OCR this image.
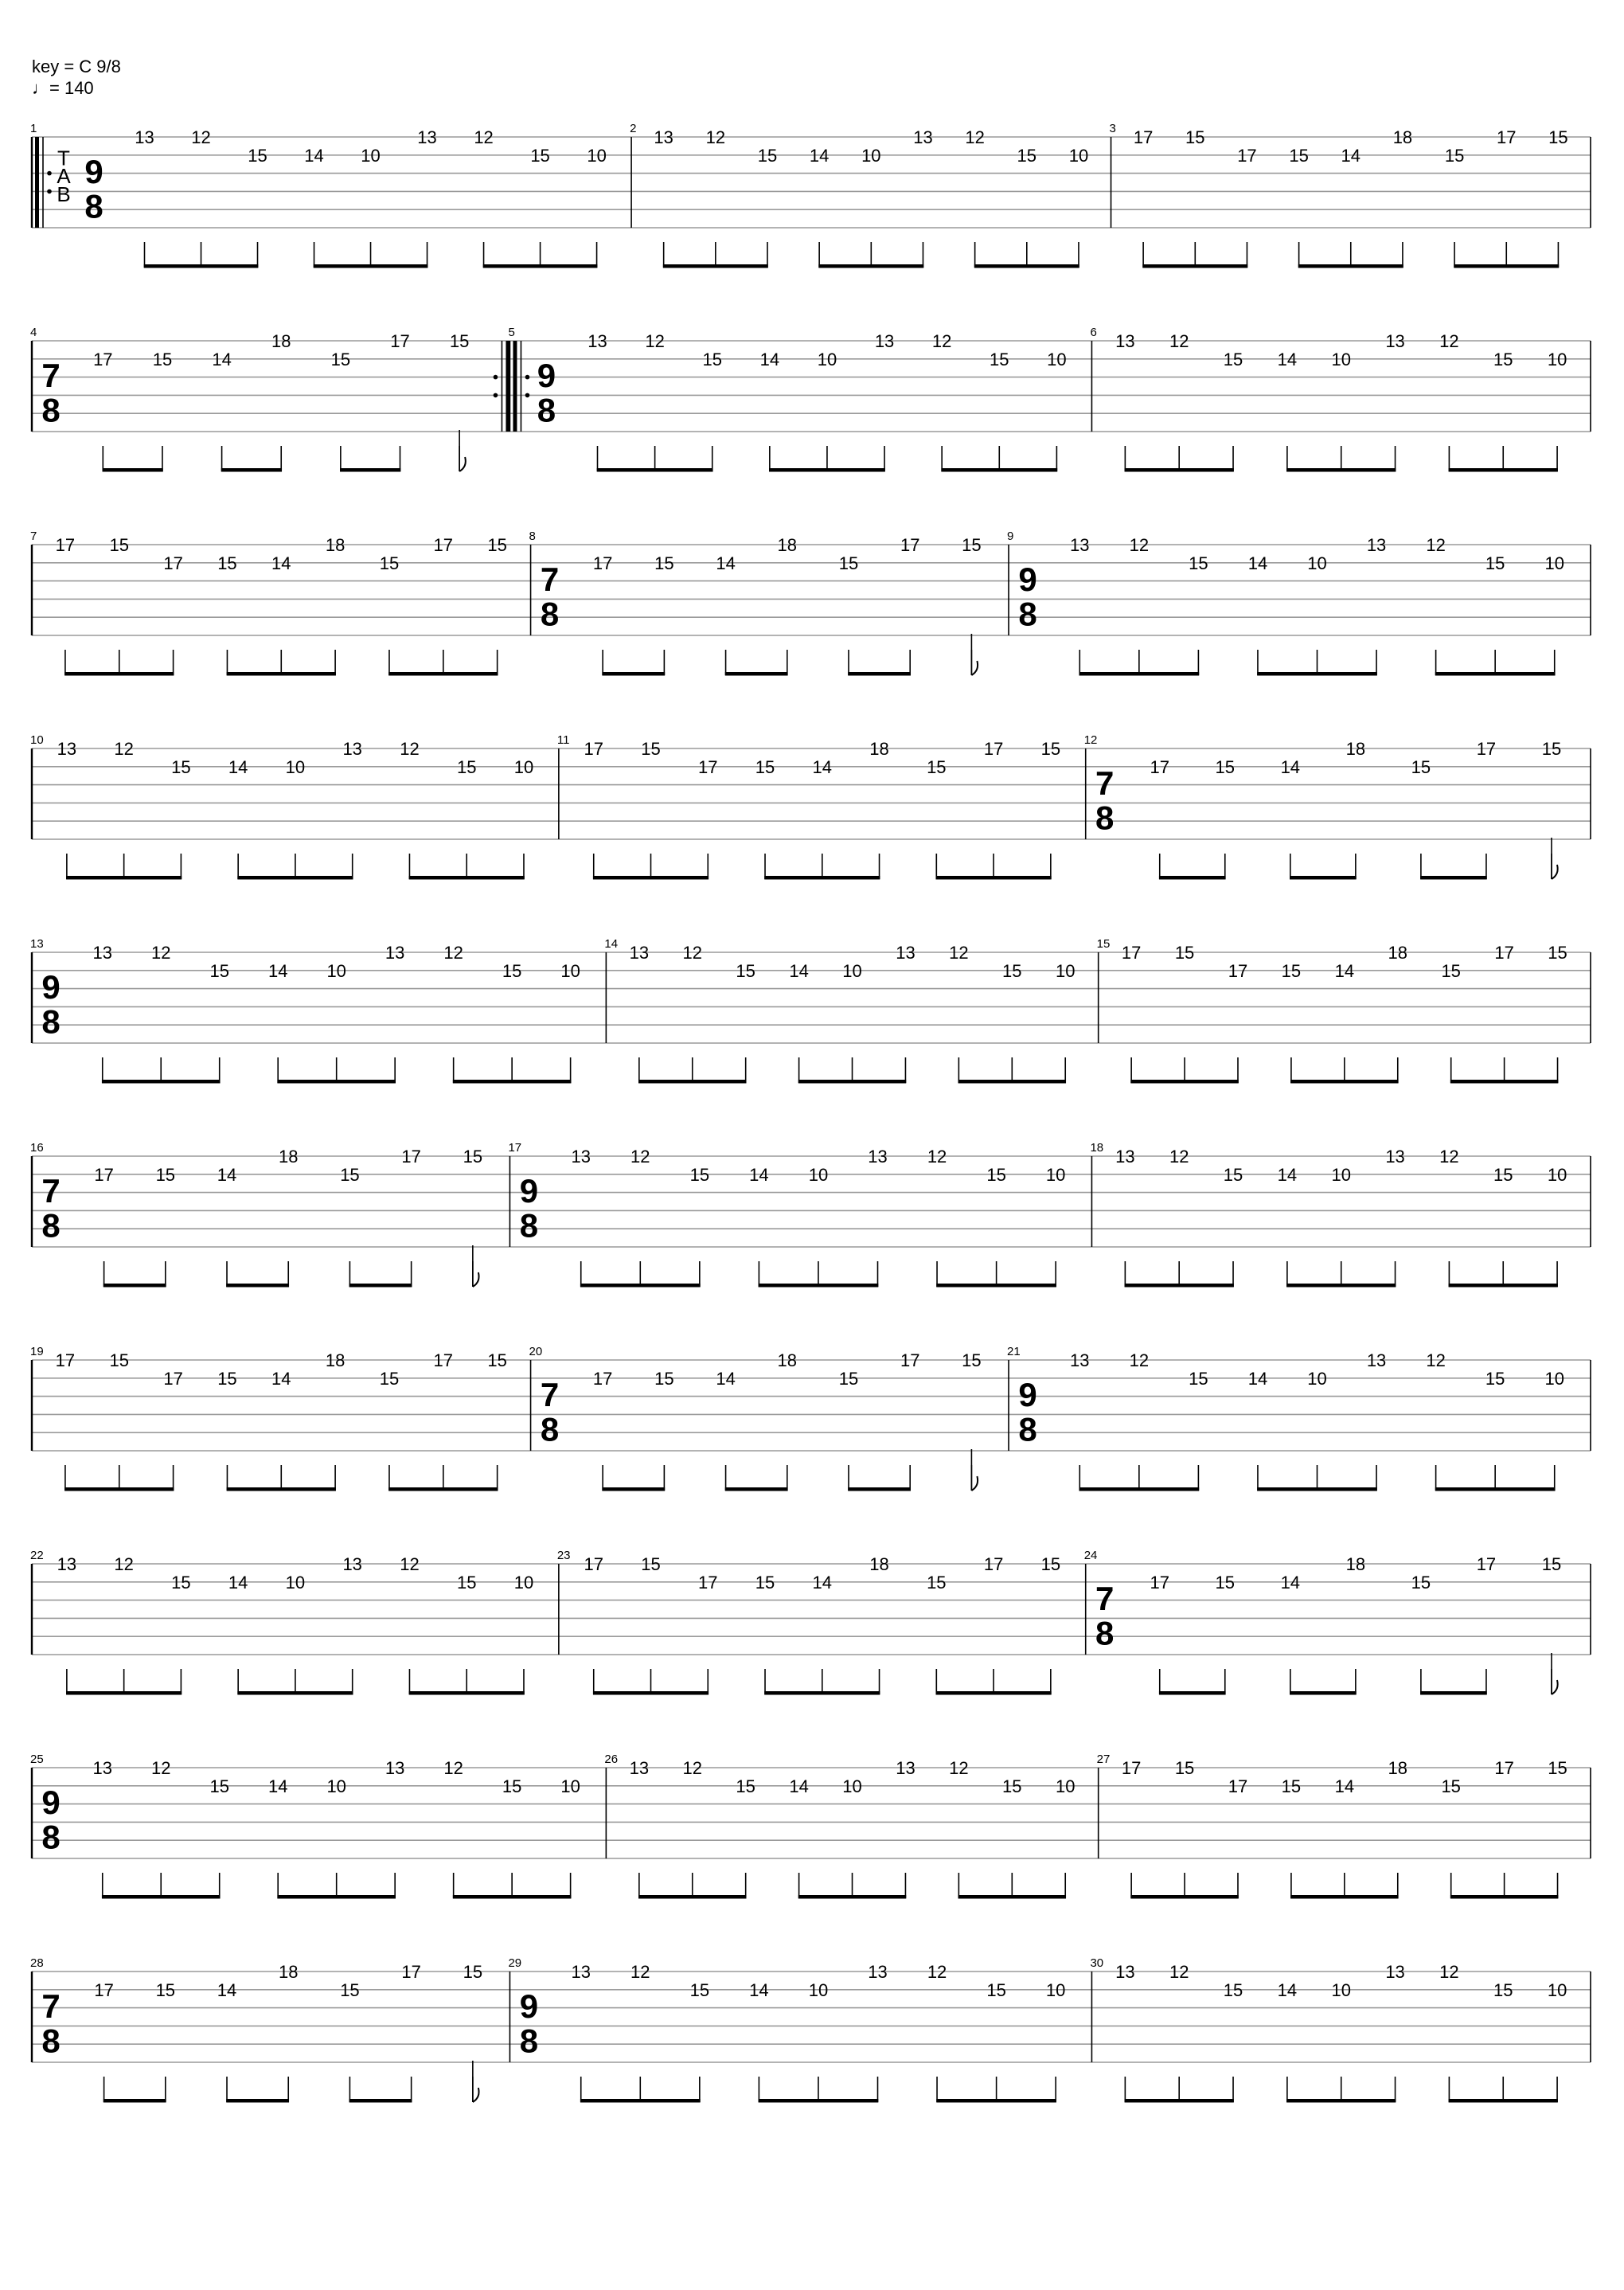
key = C 9/8
♩= 140
1
T
A
B
9
8
13 12
15 14 10
13 12
15 10
2 13 12
15 14 10
13 12
15 10
3 17 15
17 15 14
18
15
17 15
4
7
8
17 15 14
18
15
17 15	5
9
8
13 12
15 14 10
13 12
15 10
6 13 12
15 14 10
13 12
15 10
7 17 15
17 15 14
18
15
17 15 8
7
8
17 15 14
18
15
17 15 9
9
8
13 12
15 14 10
13 12
15 10
10 13 12
15 14 10
13 12
15 10
11 17 15
17 15 14
18
15
17 15 12
7
8
17	15	14
18
15
17	15
13
9
8
13 12
15 14 10
13 12
15 10
14 13 12
15 14 10
13 12
15 10
15 17 15
17 15 14
18
15
17 15
16
7
8
17 15 14
18
15
17 15 17
9
8
13 12
15 14 10
13 12
15 10
18 13 12
15 14 10
13 12
15 10
19 17 15
17 15 14
18
15
17 15 20
7
8
17 15 14
18
15
17 15 21
9
8
13 12
15 14 10
13 12
15 10
22 13 12
15 14 10
13 12
15 10
23 17 15
17 15 14
18
15
17 15 24
7
8
17	15	14
18
15
17	15
25
9
8
13 12
15 14 10
13 12
15 10
26 13 12
15 14 10
13 12
15 10
27 17 15
17 15 14
18
15
17 15
28
7
8
17 15 14
18
15
17 15 29
9
8
13 12
15 14 10
13 12
15 10
30 13 12
15 14 10
13 12
15 10
